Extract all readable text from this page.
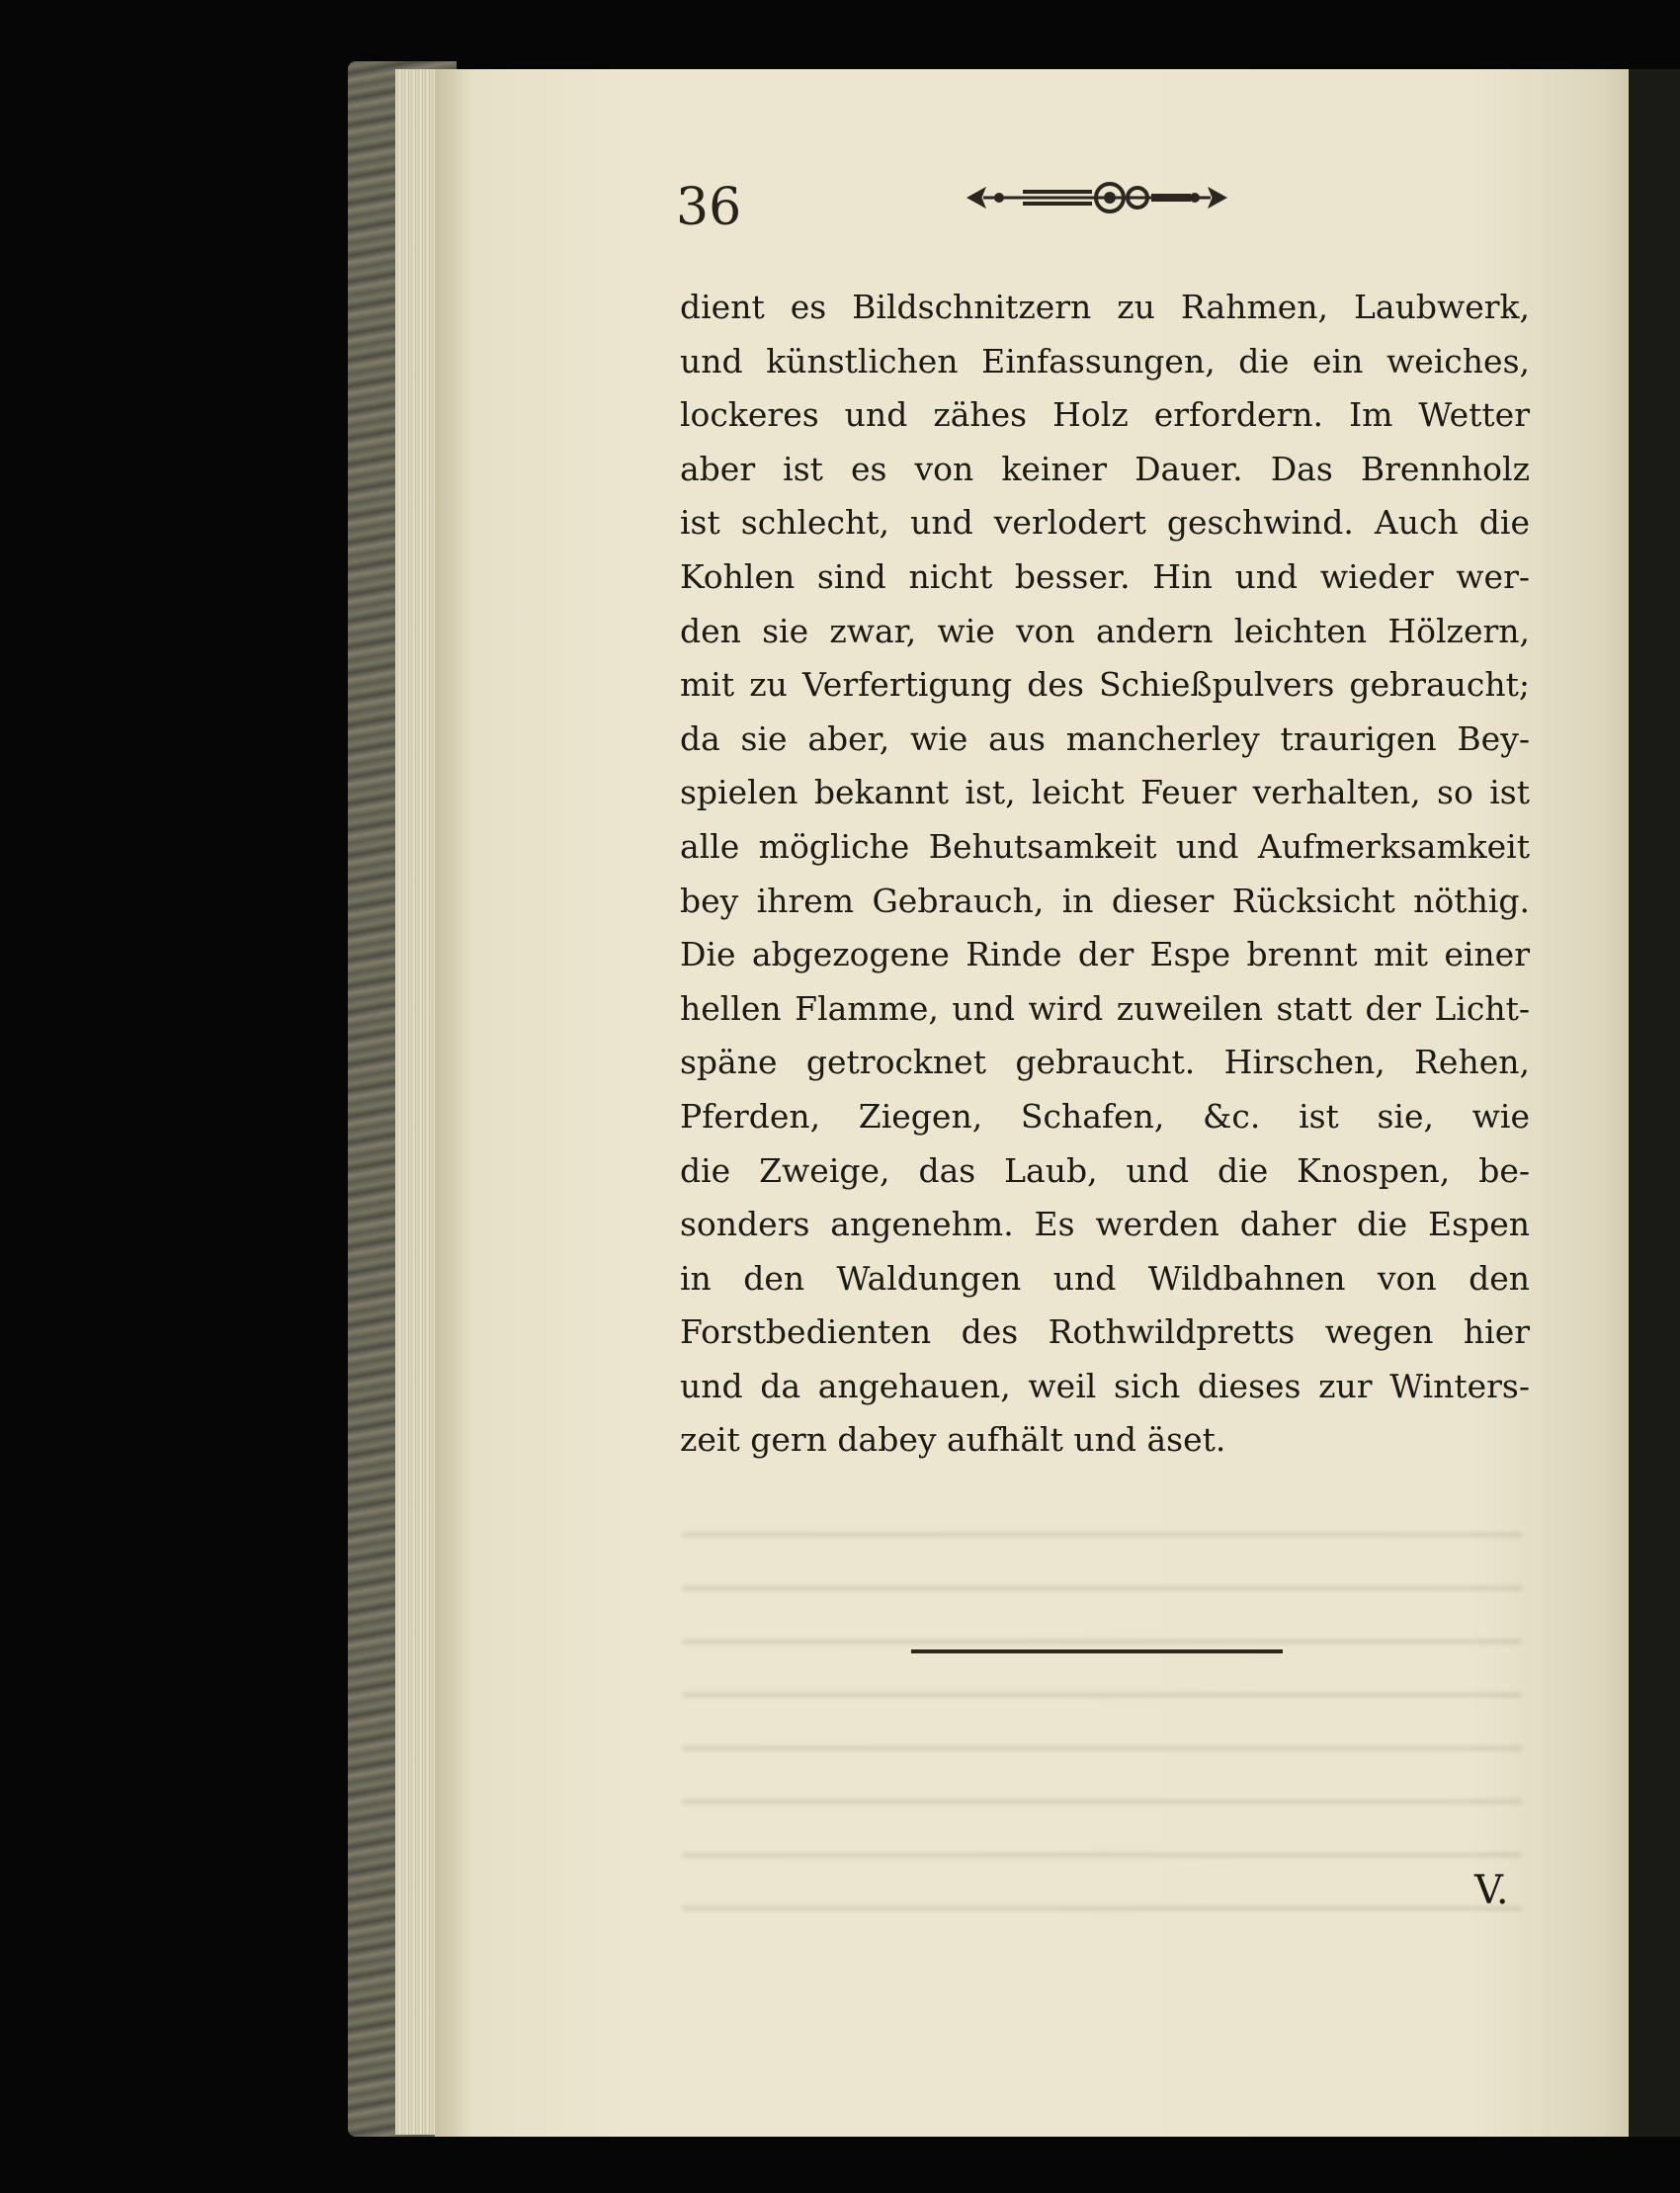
36
dient es Bildschnitzern zu Rahmen, Laubwerk,
und künstlichen Einfassungen, die ein weiches,
lockeres und zähes Holz erfordern. Im Wetter
aber ist es von keiner Dauer. Das Brennholz
ist schlecht, und verlodert geschwind. Auch die
Kohlen sind nicht besser. Hin und wieder wer-
den sie zwar, wie von andern leichten Hölzern,
mit zu Verfertigung des Schießpulvers gebraucht;
da sie aber, wie aus mancherley traurigen Bey-
spielen bekannt ist, leicht Feuer verhalten, so ist
alle mögliche Behutsamkeit und Aufmerksamkeit
bey ihrem Gebrauch, in dieser Rücksicht nöthig.
Die abgezogene Rinde der Espe brennt mit einer
hellen Flamme, und wird zuweilen statt der Licht-
späne getrocknet gebraucht. Hirschen, Rehen,
Pferden, Ziegen, Schafen, &c. ist sie, wie
die Zweige, das Laub, und die Knospen, be-
sonders angenehm. Es werden daher die Espen
in den Waldungen und Wildbahnen von den
Forstbedienten des Rothwildpretts wegen hier
und da angehauen, weil sich dieses zur Winters-
zeit gern dabey aufhält und äset.
V.
